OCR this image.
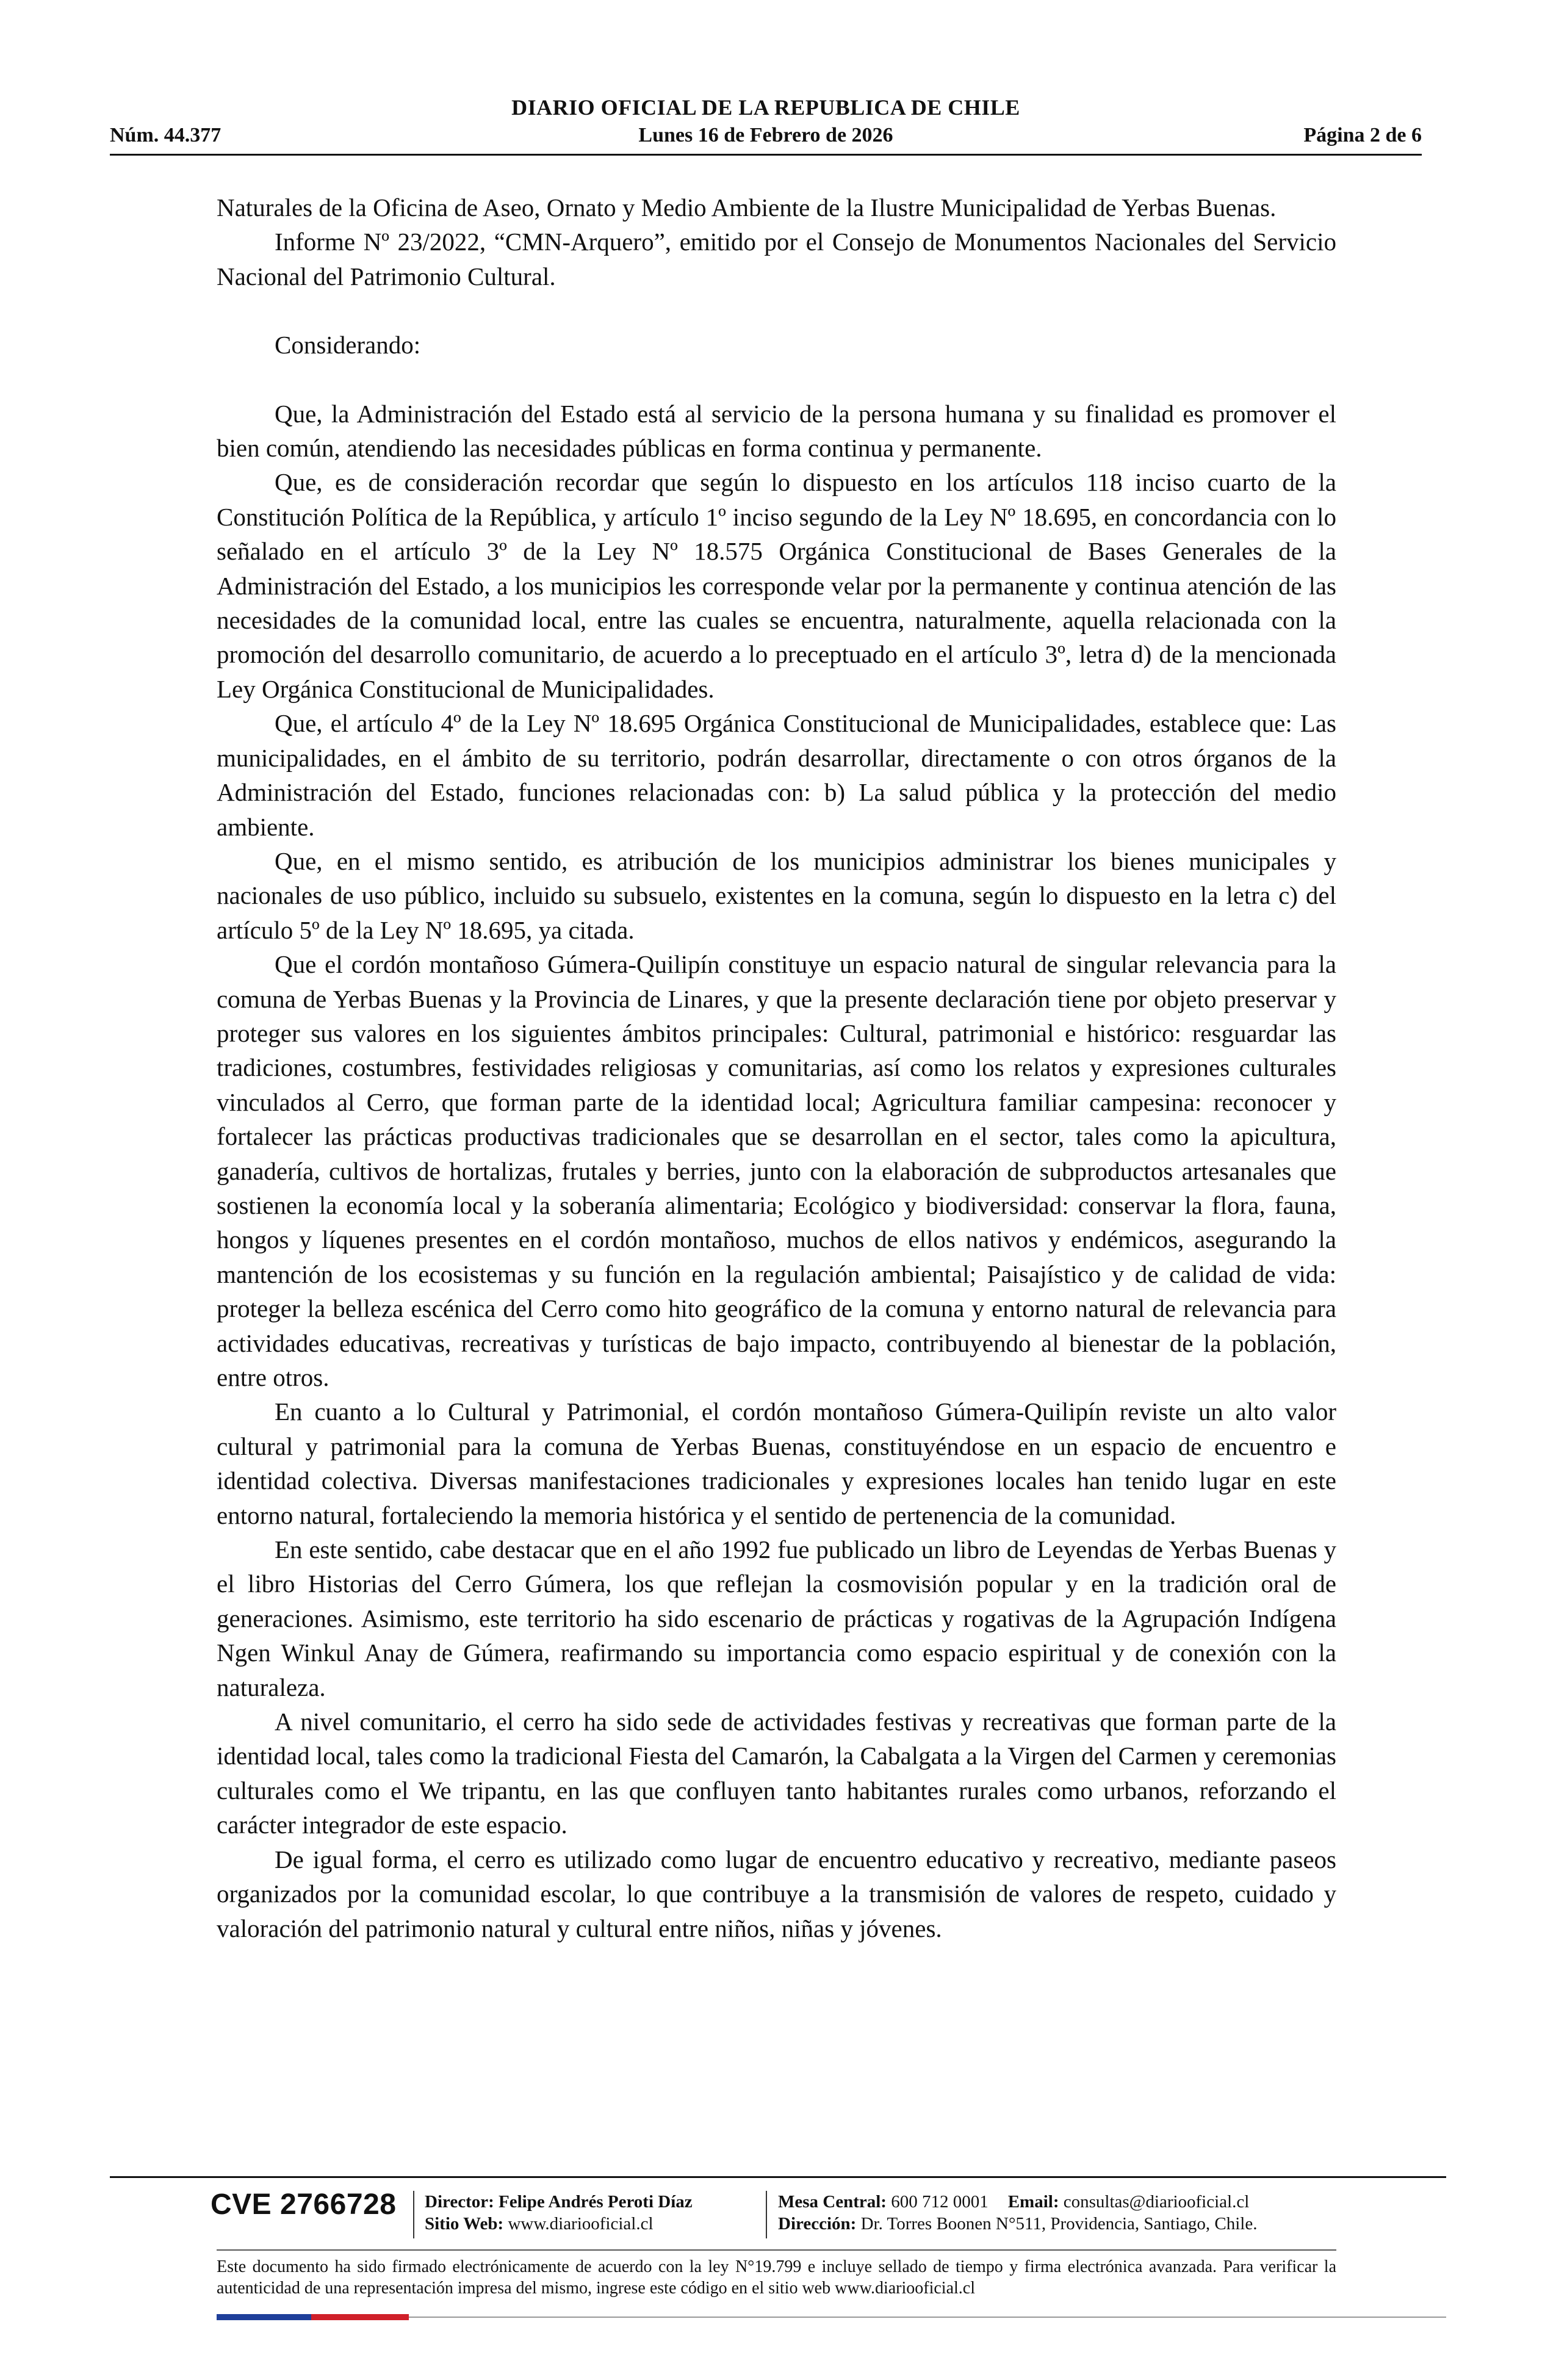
DIARIO OFICIAL DE LA REPUBLICA DE CHILE
Núm. 44.377	Lunes 16 de Febrero de 2026	Página 2 de 6

Naturales de la Oficina de Aseo, Ornato y Medio Ambiente de la Ilustre Municipalidad de Yerbas Buenas.

Informe Nº 23/2022, “CMN-Arquero”, emitido por el Consejo de Monumentos Nacionales del Servicio Nacional del Patrimonio Cultural.

Considerando:

Que, la Administración del Estado está al servicio de la persona humana y su finalidad es promover el bien común, atendiendo las necesidades públicas en forma continua y permanente.

Que, es de consideración recordar que según lo dispuesto en los artículos 118 inciso cuarto de la Constitución Política de la República, y artículo 1º inciso segundo de la Ley Nº 18.695, en concordancia con lo señalado en el artículo 3º de la Ley Nº 18.575 Orgánica Constitucional de Bases Generales de la Administración del Estado, a los municipios les corresponde velar por la permanente y continua atención de las necesidades de la comunidad local, entre las cuales se encuentra, naturalmente, aquella relacionada con la promoción del desarrollo comunitario, de acuerdo a lo preceptuado en el artículo 3º, letra d) de la mencionada Ley Orgánica Constitucional de Municipalidades.

Que, el artículo 4º de la Ley Nº 18.695 Orgánica Constitucional de Municipalidades, establece que: Las municipalidades, en el ámbito de su territorio, podrán desarrollar, directamente o con otros órganos de la Administración del Estado, funciones relacionadas con: b) La salud pública y la protección del medio ambiente.

Que, en el mismo sentido, es atribución de los municipios administrar los bienes municipales y nacionales de uso público, incluido su subsuelo, existentes en la comuna, según lo dispuesto en la letra c) del artículo 5º de la Ley Nº 18.695, ya citada.

Que el cordón montañoso Gúmera-Quilipín constituye un espacio natural de singular relevancia para la comuna de Yerbas Buenas y la Provincia de Linares, y que la presente declaración tiene por objeto preservar y proteger sus valores en los siguientes ámbitos principales: Cultural, patrimonial e histórico: resguardar las tradiciones, costumbres, festividades religiosas y comunitarias, así como los relatos y expresiones culturales vinculados al Cerro, que forman parte de la identidad local; Agricultura familiar campesina: reconocer y fortalecer las prácticas productivas tradicionales que se desarrollan en el sector, tales como la apicultura, ganadería, cultivos de hortalizas, frutales y berries, junto con la elaboración de subproductos artesanales que sostienen la economía local y la soberanía alimentaria; Ecológico y biodiversidad: conservar la flora, fauna, hongos y líquenes presentes en el cordón montañoso, muchos de ellos nativos y endémicos, asegurando la mantención de los ecosistemas y su función en la regulación ambiental; Paisajístico y de calidad de vida: proteger la belleza escénica del Cerro como hito geográfico de la comuna y entorno natural de relevancia para actividades educativas, recreativas y turísticas de bajo impacto, contribuyendo al bienestar de la población, entre otros.

En cuanto a lo Cultural y Patrimonial, el cordón montañoso Gúmera-Quilipín reviste un alto valor cultural y patrimonial para la comuna de Yerbas Buenas, constituyéndose en un espacio de encuentro e identidad colectiva. Diversas manifestaciones tradicionales y expresiones locales han tenido lugar en este entorno natural, fortaleciendo la memoria histórica y el sentido de pertenencia de la comunidad.

En este sentido, cabe destacar que en el año 1992 fue publicado un libro de Leyendas de Yerbas Buenas y el libro Historias del Cerro Gúmera, los que reflejan la cosmovisión popular y en la tradición oral de generaciones. Asimismo, este territorio ha sido escenario de prácticas y rogativas de la Agrupación Indígena Ngen Winkul Anay de Gúmera, reafirmando su importancia como espacio espiritual y de conexión con la naturaleza.

A nivel comunitario, el cerro ha sido sede de actividades festivas y recreativas que forman parte de la identidad local, tales como la tradicional Fiesta del Camarón, la Cabalgata a la Virgen del Carmen y ceremonias culturales como el We tripantu, en las que confluyen tanto habitantes rurales como urbanos, reforzando el carácter integrador de este espacio.

De igual forma, el cerro es utilizado como lugar de encuentro educativo y recreativo, mediante paseos organizados por la comunidad escolar, lo que contribuye a la transmisión de valores de respeto, cuidado y valoración del patrimonio natural y cultural entre niños, niñas y jóvenes.

CVE 2766728 Director: Felipe Andrés Peroti Díaz
Sitio Web: www.diariooficial.cl
Mesa Central: 600 712 0001 Email: consultas@diariooficial.cl
Dirección: Dr. Torres Boonen N°511, Providencia, Santiago, Chile.
Este documento ha sido firmado electrónicamente de acuerdo con la ley N°19.799 e incluye sellado de tiempo y firma electrónica avanzada. Para verificar la autenticidad de una representación impresa del mismo, ingrese este código en el sitio web www.diariooficial.cl
